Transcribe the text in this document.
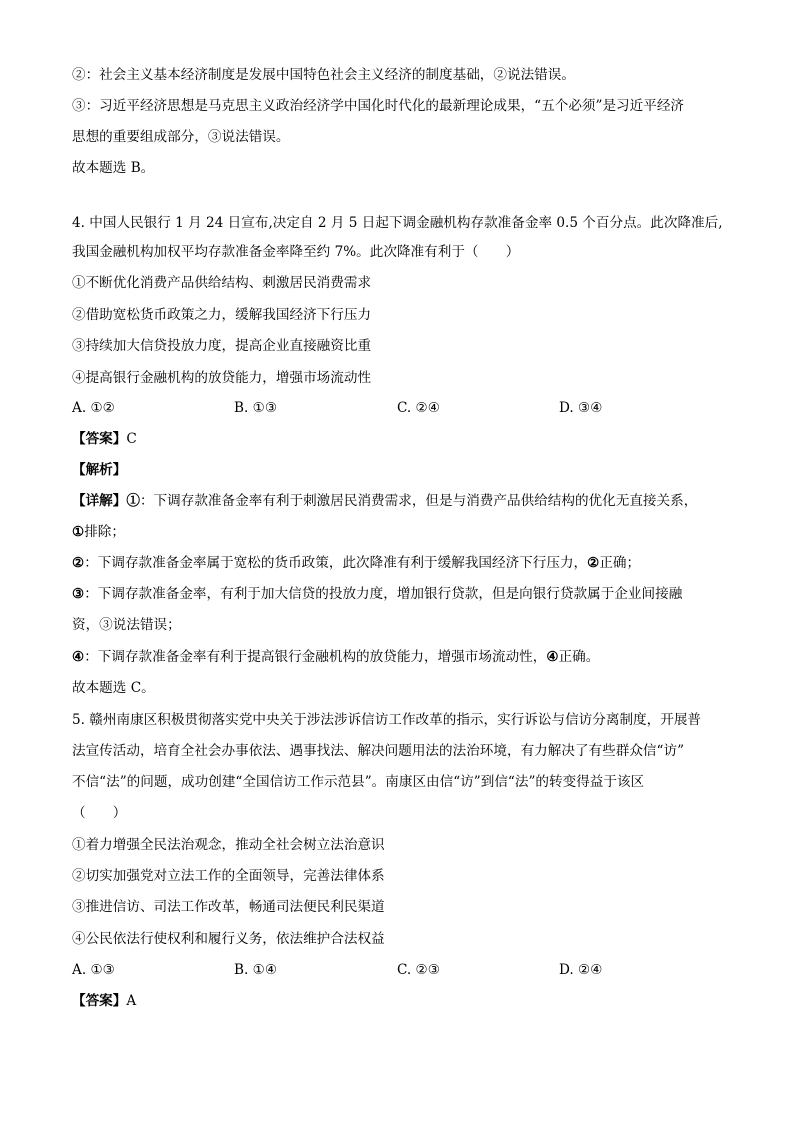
②：社会主义基本经济制度是发展中国特色社会主义经济的制度基础，②说法错误。
③：习近平经济思想是马克思主义政治经济学中国化时代化的最新理论成果，“五个必须”是习近平经济
思想的重要组成部分，③说法错误。
故本题选 B。
4. 中国人民银行 1 月 24 日宣布,决定自 2 月 5 日起下调金融机构存款准备金率 0.5 个百分点。此次降准后,
我国金融机构加权平均存款准备金率降至约 7%。此次降准有利于（　　）
①不断优化消费产品供给结构、刺激居民消费需求
②借助宽松货币政策之力，缓解我国经济下行压力
③持续加大信贷投放力度，提高企业直接融资比重
④提高银行金融机构的放贷能力，增强市场流动性
A. ①②	B. ①③	C. ②④	D. ③④
【答案】C
【解析】
【详解】①：下调存款准备金率有利于刺激居民消费需求，但是与消费产品供给结构的优化无直接关系，
①排除；
②：下调存款准备金率属于宽松的货币政策，此次降准有利于缓解我国经济下行压力，②正确；
③：下调存款准备金率，有利于加大信贷的投放力度，增加银行贷款，但是向银行贷款属于企业间接融
资，③说法错误；
④：下调存款准备金率有利于提高银行金融机构的放贷能力，增强市场流动性，④正确。
故本题选 C。
5. 赣州南康区积极贯彻落实党中央关于涉法涉诉信访工作改革的指示，实行诉讼与信访分离制度，开展普
法宣传活动，培育全社会办事依法、遇事找法、解决问题用法的法治环境，有力解决了有些群众信“访”
不信“法”的问题，成功创建“全国信访工作示范县”。南康区由信“访”到信“法”的转变得益于该区
（　　）
①着力增强全民法治观念，推动全社会树立法治意识
②切实加强党对立法工作的全面领导，完善法律体系
③推进信访、司法工作改革，畅通司法便民利民渠道
④公民依法行使权利和履行义务，依法维护合法权益
A. ①③	B. ①④	C. ②③	D. ②④
【答案】A
